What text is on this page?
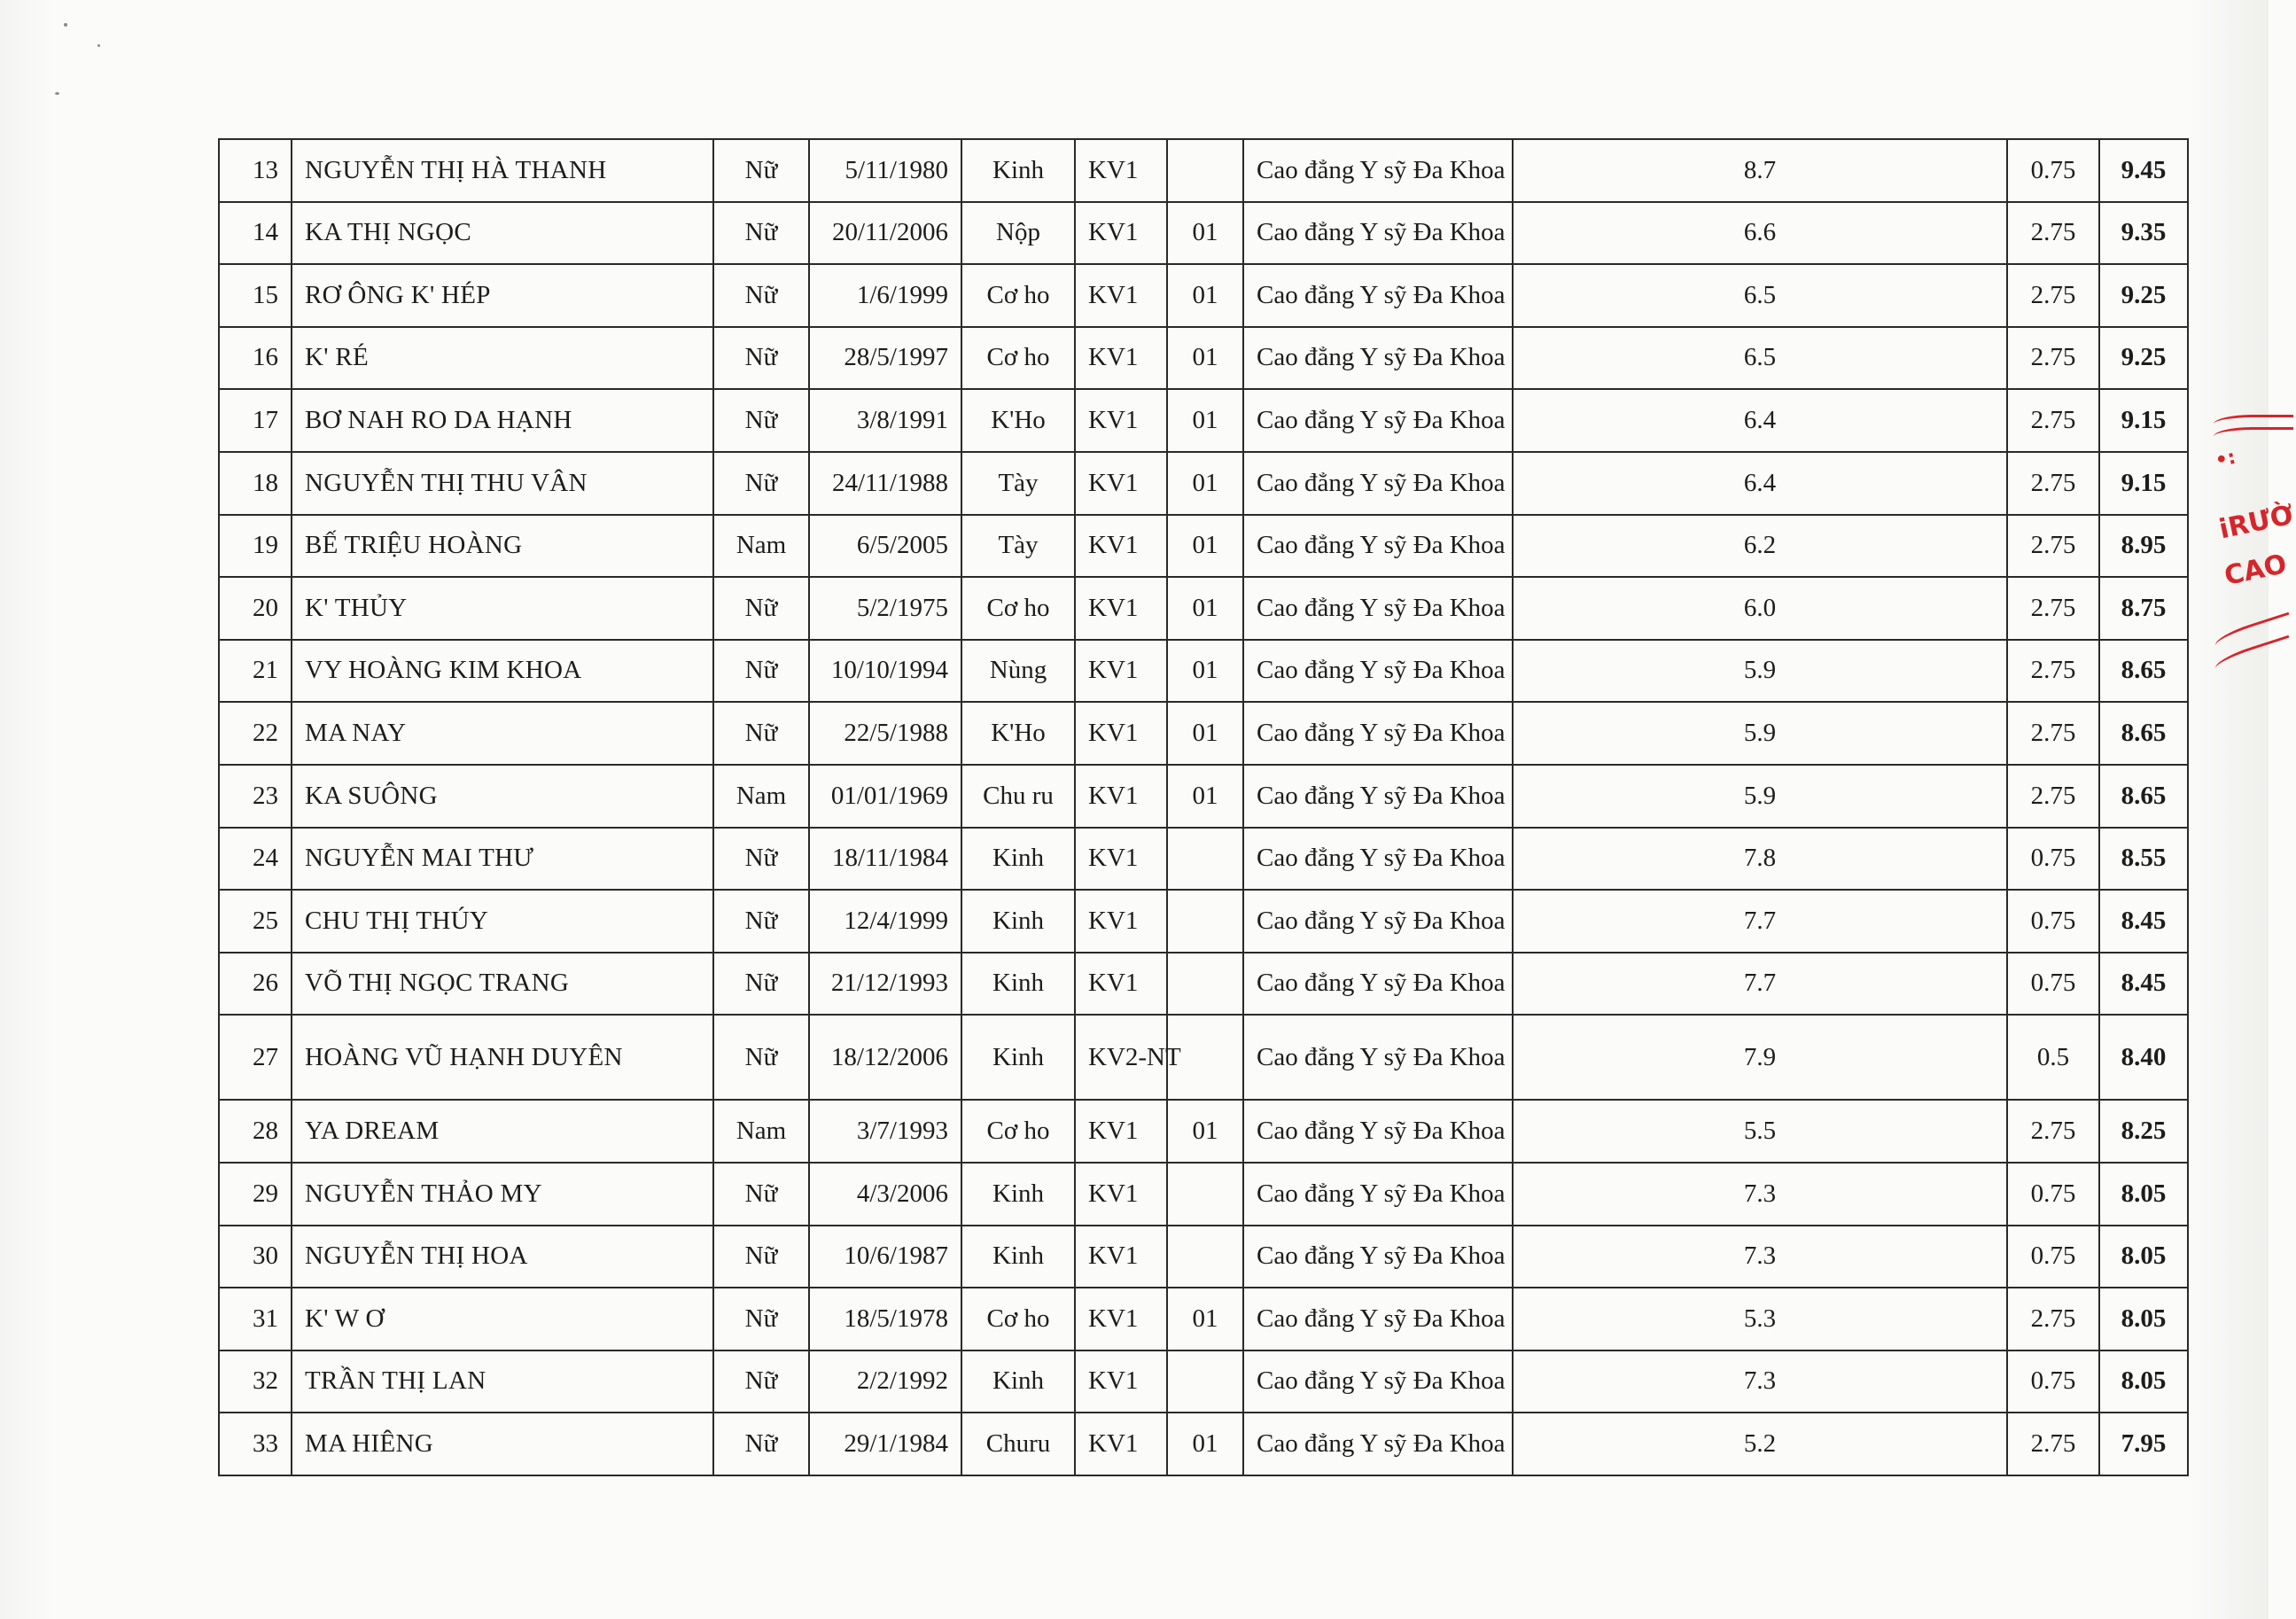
13	NGUYỄN THỊ HÀ THANH	Nữ	5/11/1980	Kinh	KV1		Cao đẳng Y sỹ Đa Khoa	8.7	0.75	9.45
14	KA THỊ NGỌC	Nữ	20/11/2006	Nộp	KV1	01	Cao đẳng Y sỹ Đa Khoa	6.6	2.75	9.35
15	RƠ ÔNG K' HÉP	Nữ	1/6/1999	Cơ ho	KV1	01	Cao đẳng Y sỹ Đa Khoa	6.5	2.75	9.25
16	K' RÉ	Nữ	28/5/1997	Cơ ho	KV1	01	Cao đẳng Y sỹ Đa Khoa	6.5	2.75	9.25
17	BƠ NAH RO DA HẠNH	Nữ	3/8/1991	K'Ho	KV1	01	Cao đẳng Y sỹ Đa Khoa	6.4	2.75	9.15
18	NGUYỄN THỊ THU VÂN	Nữ	24/11/1988	Tày	KV1	01	Cao đẳng Y sỹ Đa Khoa	6.4	2.75	9.15
19	BẾ TRIỆU HOÀNG	Nam	6/5/2005	Tày	KV1	01	Cao đẳng Y sỹ Đa Khoa	6.2	2.75	8.95
20	K' THỦY	Nữ	5/2/1975	Cơ ho	KV1	01	Cao đẳng Y sỹ Đa Khoa	6.0	2.75	8.75
21	VY HOÀNG KIM KHOA	Nữ	10/10/1994	Nùng	KV1	01	Cao đẳng Y sỹ Đa Khoa	5.9	2.75	8.65
22	MA NAY	Nữ	22/5/1988	K'Ho	KV1	01	Cao đẳng Y sỹ Đa Khoa	5.9	2.75	8.65
23	KA SUÔNG	Nam	01/01/1969	Chu ru	KV1	01	Cao đẳng Y sỹ Đa Khoa	5.9	2.75	8.65
24	NGUYỄN MAI THƯ	Nữ	18/11/1984	Kinh	KV1		Cao đẳng Y sỹ Đa Khoa	7.8	0.75	8.55
25	CHU THỊ THÚY	Nữ	12/4/1999	Kinh	KV1		Cao đẳng Y sỹ Đa Khoa	7.7	0.75	8.45
26	VÕ THỊ NGỌC TRANG	Nữ	21/12/1993	Kinh	KV1		Cao đẳng Y sỹ Đa Khoa	7.7	0.75	8.45
27	HOÀNG VŨ HẠNH DUYÊN	Nữ	18/12/2006	Kinh	KV2-NT		Cao đẳng Y sỹ Đa Khoa	7.9	0.5	8.40
28	YA DREAM	Nam	3/7/1993	Cơ ho	KV1	01	Cao đẳng Y sỹ Đa Khoa	5.5	2.75	8.25
29	NGUYỄN THẢO MY	Nữ	4/3/2006	Kinh	KV1		Cao đẳng Y sỹ Đa Khoa	7.3	0.75	8.05
30	NGUYỄN THỊ HOA	Nữ	10/6/1987	Kinh	KV1		Cao đẳng Y sỹ Đa Khoa	7.3	0.75	8.05
31	K' W Ơ	Nữ	18/5/1978	Cơ ho	KV1	01	Cao đẳng Y sỹ Đa Khoa	5.3	2.75	8.05
32	TRẦN THỊ LAN	Nữ	2/2/1992	Kinh	KV1		Cao đẳng Y sỹ Đa Khoa	7.3	0.75	8.05
33	MA HIÊNG	Nữ	29/1/1984	Churu	KV1	01	Cao đẳng Y sỹ Đa Khoa	5.2	2.75	7.95
•:
iRƯỜ
CAO
